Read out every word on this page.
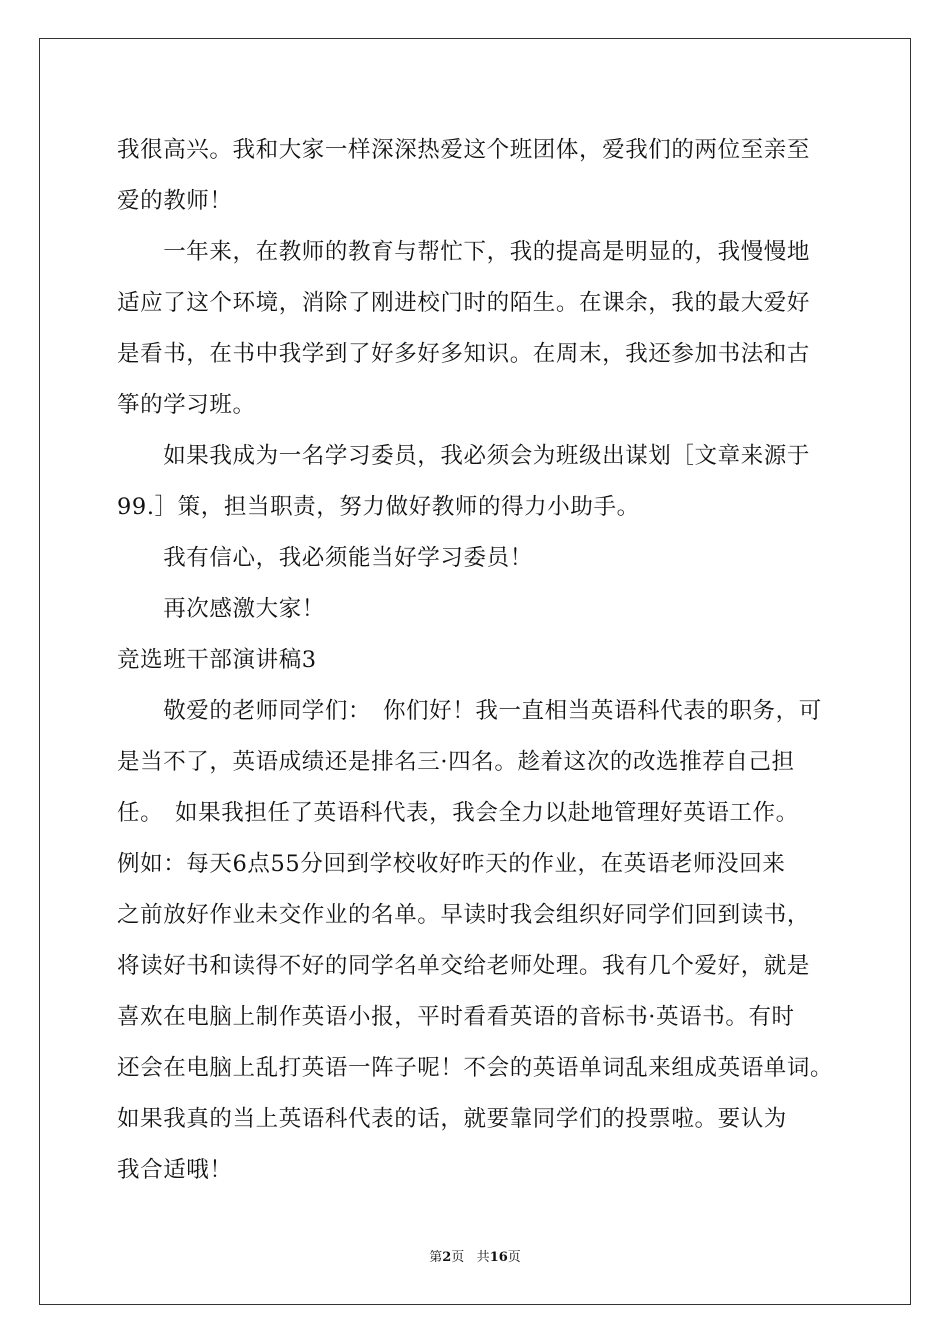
我很高兴。我和大家一样深深热爱这个班团体，爱我们的两位至亲至
爱的教师！
　　一年来，在教师的教育与帮忙下，我的提高是明显的，我慢慢地
适应了这个环境，消除了刚进校门时的陌生。在课余，我的最大爱好
是看书，在书中我学到了好多好多知识。在周末，我还参加书法和古
筝的学习班。
　　如果我成为一名学习委员，我必须会为班级出谋划［文章来源于
99.］策，担当职责，努力做好教师的得力小助手。
　　我有信心，我必须能当好学习委员！
　　再次感激大家！
竞选班干部演讲稿3
　　敬爱的老师同学们：　你们好！我一直相当英语科代表的职务，可
是当不了，英语成绩还是排名三·四名。趁着这次的改选推荐自己担
任。　如果我担任了英语科代表，我会全力以赴地管理好英语工作。
例如：每天6点55分回到学校收好昨天的作业，在英语老师没回来
之前放好作业未交作业的名单。早读时我会组织好同学们回到读书，
将读好书和读得不好的同学名单交给老师处理。我有几个爱好，就是
喜欢在电脑上制作英语小报，平时看看英语的音标书·英语书。有时
还会在电脑上乱打英语一阵子呢！不会的英语单词乱来组成英语单词。
如果我真的当上英语科代表的话，就要靠同学们的投票啦。要认为
我合适哦！
第2页 共16页
